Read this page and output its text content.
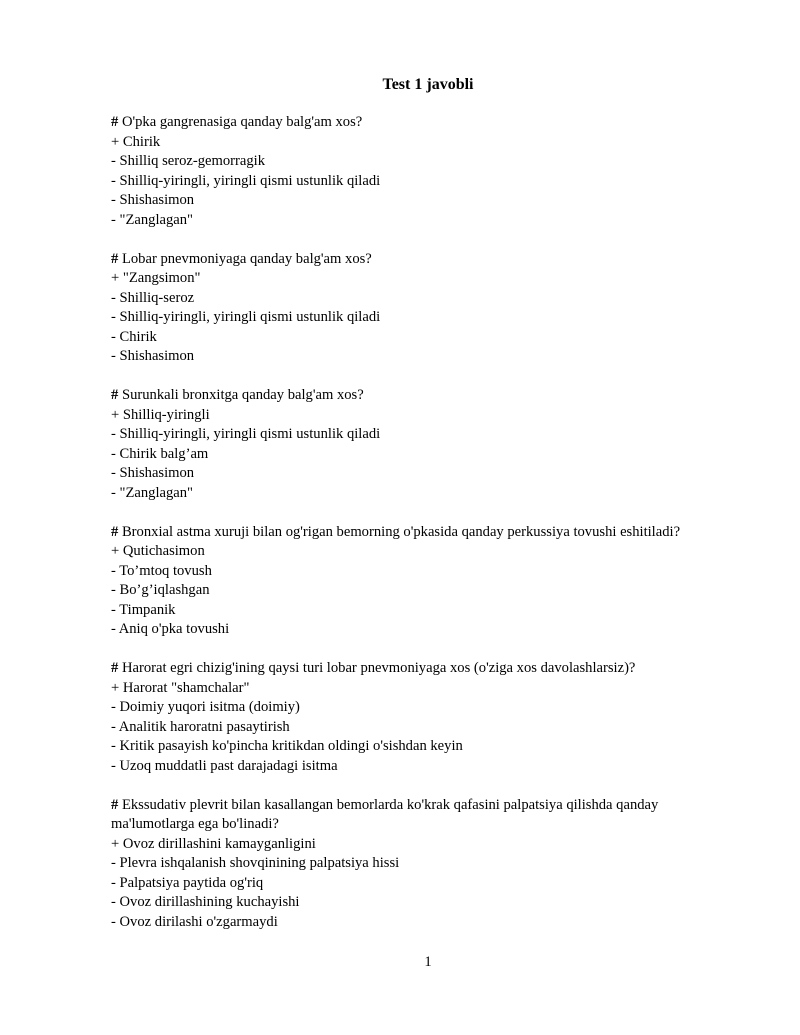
Test 1 javobli
# O'pka gangrenasiga qanday balg'am xos?
+ Chirik
- Shilliq seroz-gemorragik
- Shilliq-yiringli, yiringli qismi ustunlik qiladi
- Shishasimon
- "Zanglagan"
# Lobar pnevmoniyaga qanday balg'am xos?
+ "Zangsimon"
- Shilliq-seroz
- Shilliq-yiringli, yiringli qismi ustunlik qiladi
- Chirik
- Shishasimon
# Surunkali bronxitga qanday balg'am xos?
+ Shilliq-yiringli
- Shilliq-yiringli, yiringli qismi ustunlik qiladi
- Chirik balg’am
- Shishasimon
- "Zanglagan"
# Bronxial astma xuruji bilan og'rigan bemorning o'pkasida qanday perkussiya tovushi eshitiladi?
+ Qutichasimon
- To’mtoq tovush
- Bo’g’iqlashgan
- Timpanik
- Aniq o'pka tovushi
# Harorat egri chizig'ining qaysi turi lobar pnevmoniyaga xos (o'ziga xos davolashlarsiz)?
+ Harorat "shamchalar"
- Doimiy yuqori isitma (doimiy)
- Analitik haroratni pasaytirish
- Kritik pasayish ko'pincha kritikdan oldingi o'sishdan keyin
- Uzoq muddatli past darajadagi isitma
# Ekssudativ plevrit bilan kasallangan bemorlarda ko'krak qafasini palpatsiya qilishda qanday
ma'lumotlarga ega bo'linadi?
+ Ovoz dirillashini kamayganligini
- Plevra ishqalanish shovqinining palpatsiya hissi
- Palpatsiya paytida og'riq
- Ovoz dirillashining kuchayishi
- Ovoz dirilashi o'zgarmaydi
1
